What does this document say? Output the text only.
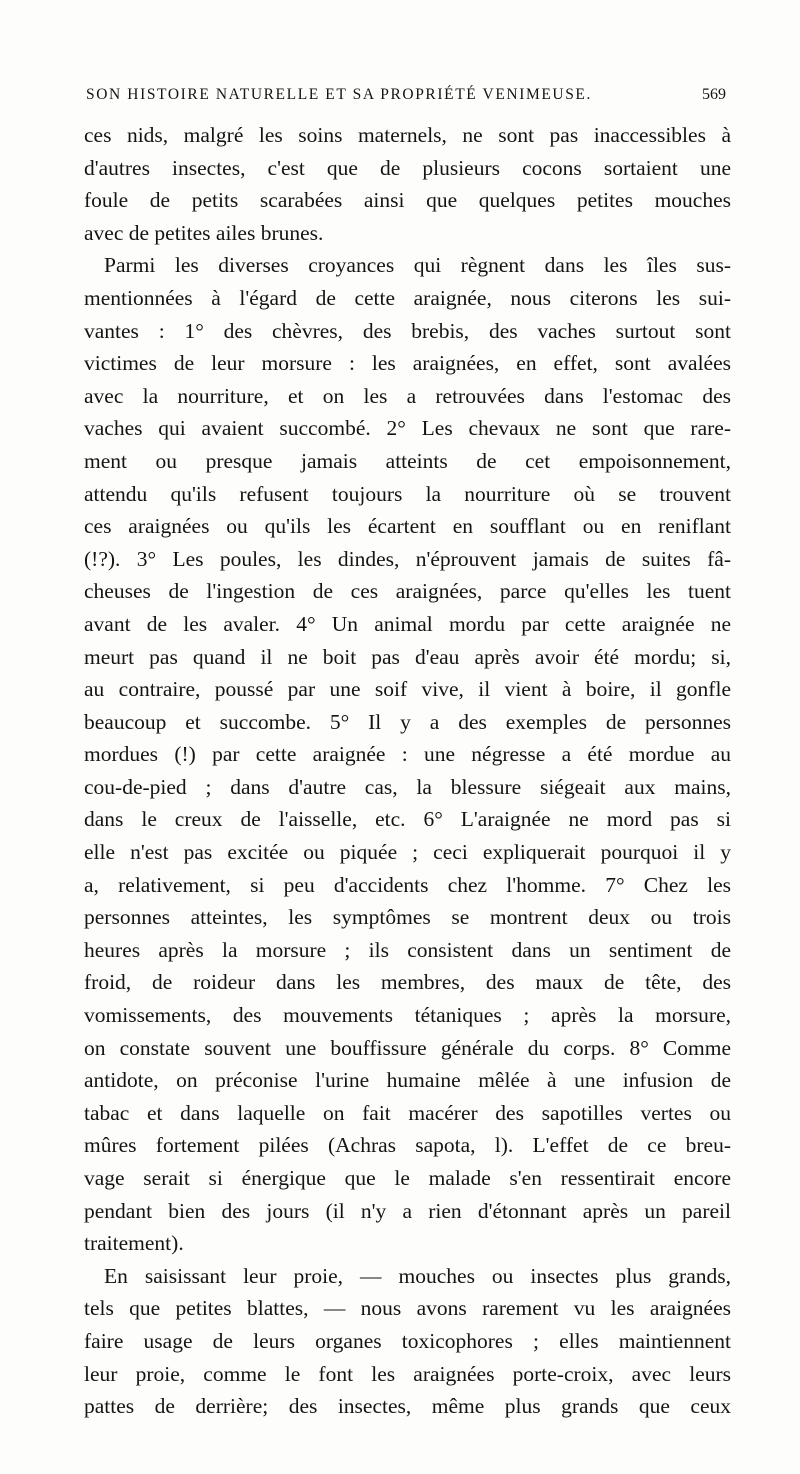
SON HISTOIRE NATURELLE ET SA PROPRIÉTÉ VENIMEUSE.	569
ces nids, malgré les soins maternels, ne sont pas inaccessibles à
d'autres insectes, c'est que de plusieurs cocons sortaient une
foule de petits scarabées ainsi que quelques petites mouches
avec de petites ailes brunes.
Parmi les diverses croyances qui règnent dans les îles sus-
mentionnées à l'égard de cette araignée, nous citerons les sui-
vantes : 1° des chèvres, des brebis, des vaches surtout sont
victimes de leur morsure : les araignées, en effet, sont avalées
avec la nourriture, et on les a retrouvées dans l'estomac des
vaches qui avaient succombé. 2° Les chevaux ne sont que rare-
ment ou presque jamais atteints de cet empoisonnement,
attendu qu'ils refusent toujours la nourriture où se trouvent
ces araignées ou qu'ils les écartent en soufflant ou en reniflant
(!?). 3° Les poules, les dindes, n'éprouvent jamais de suites fâ-
cheuses de l'ingestion de ces araignées, parce qu'elles les tuent
avant de les avaler. 4° Un animal mordu par cette araignée ne
meurt pas quand il ne boit pas d'eau après avoir été mordu; si,
au contraire, poussé par une soif vive, il vient à boire, il gonfle
beaucoup et succombe. 5° Il y a des exemples de personnes
mordues (!) par cette araignée : une négresse a été mordue au
cou-de-pied ; dans d'autre cas, la blessure siégeait aux mains,
dans le creux de l'aisselle, etc. 6° L'araignée ne mord pas si
elle n'est pas excitée ou piquée ; ceci expliquerait pourquoi il y
a, relativement, si peu d'accidents chez l'homme. 7° Chez les
personnes atteintes, les symptômes se montrent deux ou trois
heures après la morsure ; ils consistent dans un sentiment de
froid, de roideur dans les membres, des maux de tête, des
vomissements, des mouvements tétaniques ; après la morsure,
on constate souvent une bouffissure générale du corps. 8° Comme
antidote, on préconise l'urine humaine mêlée à une infusion de
tabac et dans laquelle on fait macérer des sapotilles vertes ou
mûres fortement pilées (Achras sapota, l). L'effet de ce breu-
vage serait si énergique que le malade s'en ressentirait encore
pendant bien des jours (il n'y a rien d'étonnant après un pareil
traitement).
En saisissant leur proie, — mouches ou insectes plus grands,
tels que petites blattes, — nous avons rarement vu les araignées
faire usage de leurs organes toxicophores ; elles maintiennent
leur proie, comme le font les araignées porte-croix, avec leurs
pattes de derrière; des insectes, même plus grands que ceux
